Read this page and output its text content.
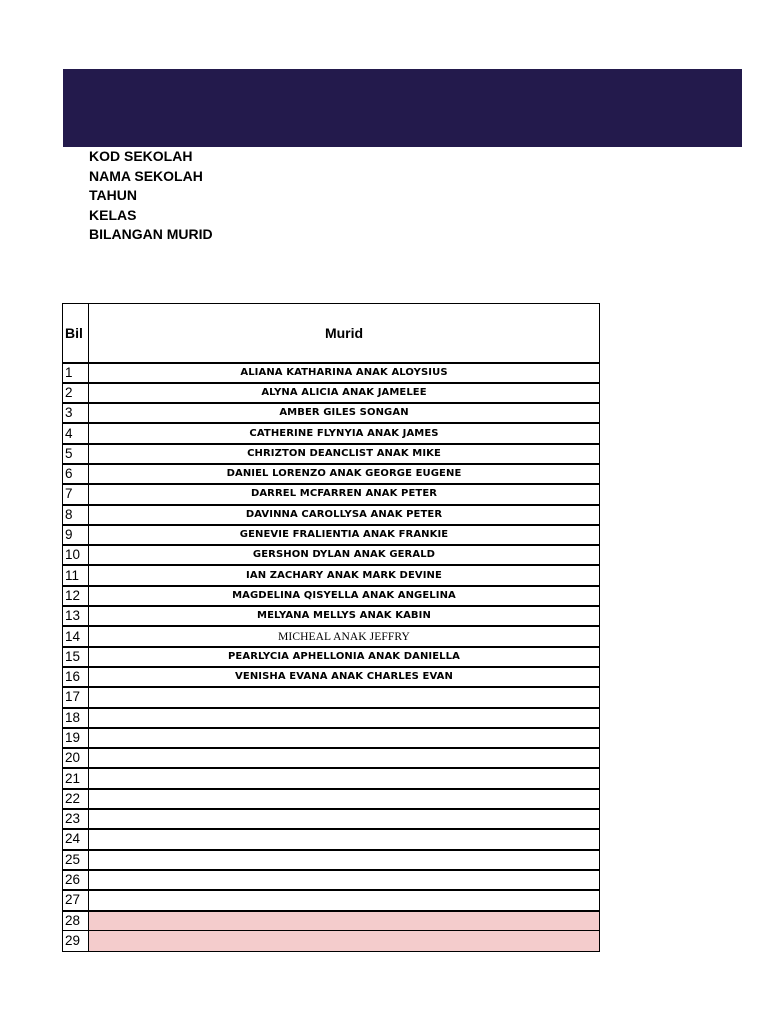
KOD SEKOLAH
NAMA SEKOLAH
TAHUN
KELAS
BILANGAN MURID
Bil	Murid
1	ALIANA KATHARINA ANAK ALOYSIUS
2	ALYNA ALICIA ANAK JAMELEE
3	AMBER GILES SONGAN
4	CATHERINE FLYNYIA ANAK JAMES
5	CHRIZTON DEANCLIST ANAK MIKE
6	DANIEL LORENZO ANAK GEORGE EUGENE
7	DARREL MCFARREN ANAK PETER
8	DAVINNA CAROLLYSA ANAK PETER
9	GENEVIE FRALIENTIA ANAK FRANKIE
10	GERSHON DYLAN ANAK GERALD
11	IAN ZACHARY ANAK MARK DEVINE
12	MAGDELINA QISYELLA ANAK ANGELINA
13	MELYANA MELLYS ANAK KABIN
14	MICHEAL ANAK JEFFRY
15	PEARLYCIA APHELLONIA ANAK DANIELLA
16	VENISHA EVANA ANAK CHARLES EVAN
17	
18	
19	
20	
21	
22	
23	
24	
25	
26	
27	
28	
29	
